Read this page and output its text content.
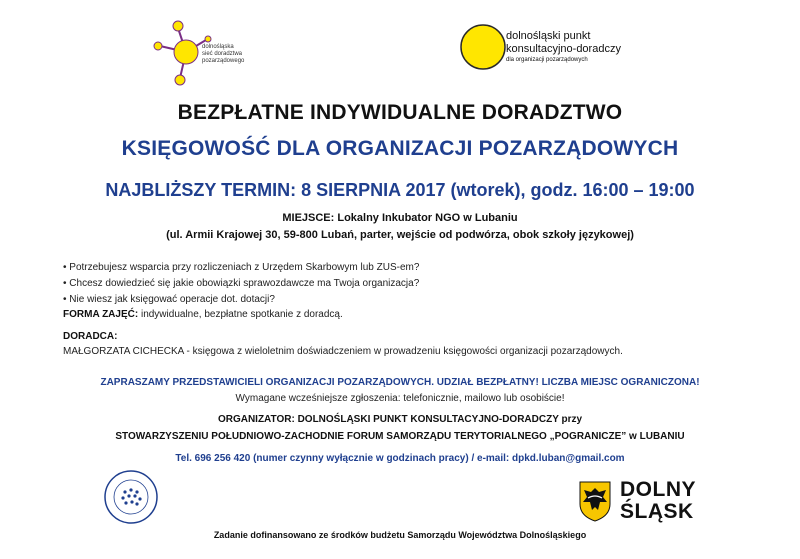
dolnośląska
sieć doradztwa
pozarządowego
dolnośląski punkt
konsultacyjno-doradczy
dla organizacji pozarządowych
BEZPŁATNE INDYWIDUALNE DORADZTWO
KSIĘGOWOŚĆ DLA ORGANIZACJI POZARZĄDOWYCH
NAJBLIŻSZY TERMIN: 8 SIERPNIA 2017 (wtorek), godz. 16:00 – 19:00
MIEJSCE: Lokalny Inkubator NGO w Lubaniu
(ul. Armii Krajowej 30, 59-800 Lubań, parter, wejście od podwórza, obok szkoły językowej)
• Potrzebujesz wsparcia przy rozliczeniach z Urzędem Skarbowym lub ZUS-em?
• Chcesz dowiedzieć się jakie obowiązki sprawozdawcze ma Twoja organizacja?
• Nie wiesz jak księgować operacje dot. dotacji?
FORMA ZAJĘĆ: indywidualne, bezpłatne spotkanie z doradcą.
DORADCA:
MAŁGORZATA CICHECKA - księgowa z wieloletnim doświadczeniem w prowadzeniu księgowości organizacji pozarządowych.
ZAPRASZAMY PRZEDSTAWICIELI ORGANIZACJI POZARZĄDOWYCH. UDZIAŁ BEZPŁATNY! LICZBA MIEJSC OGRANICZONA!
Wymagane wcześniejsze zgłoszenia: telefonicznie, mailowo lub osobiście!
ORGANIZATOR: DOLNOŚLĄSKI PUNKT KONSULTACYJNO-DORADCZY przy
STOWARZYSZENIU POŁUDNIOWO-ZACHODNIE FORUM SAMORZĄDU TERYTORIALNEGO „POGRANICZE” w LUBANIU
Tel. 696 256 420 (numer czynny wyłącznie w godzinach pracy) / e-mail: dpkd.luban@gmail.com
DOLNY
ŚLĄSK
Zadanie dofinansowano ze środków budżetu Samorządu Województwa Dolnośląskiego
